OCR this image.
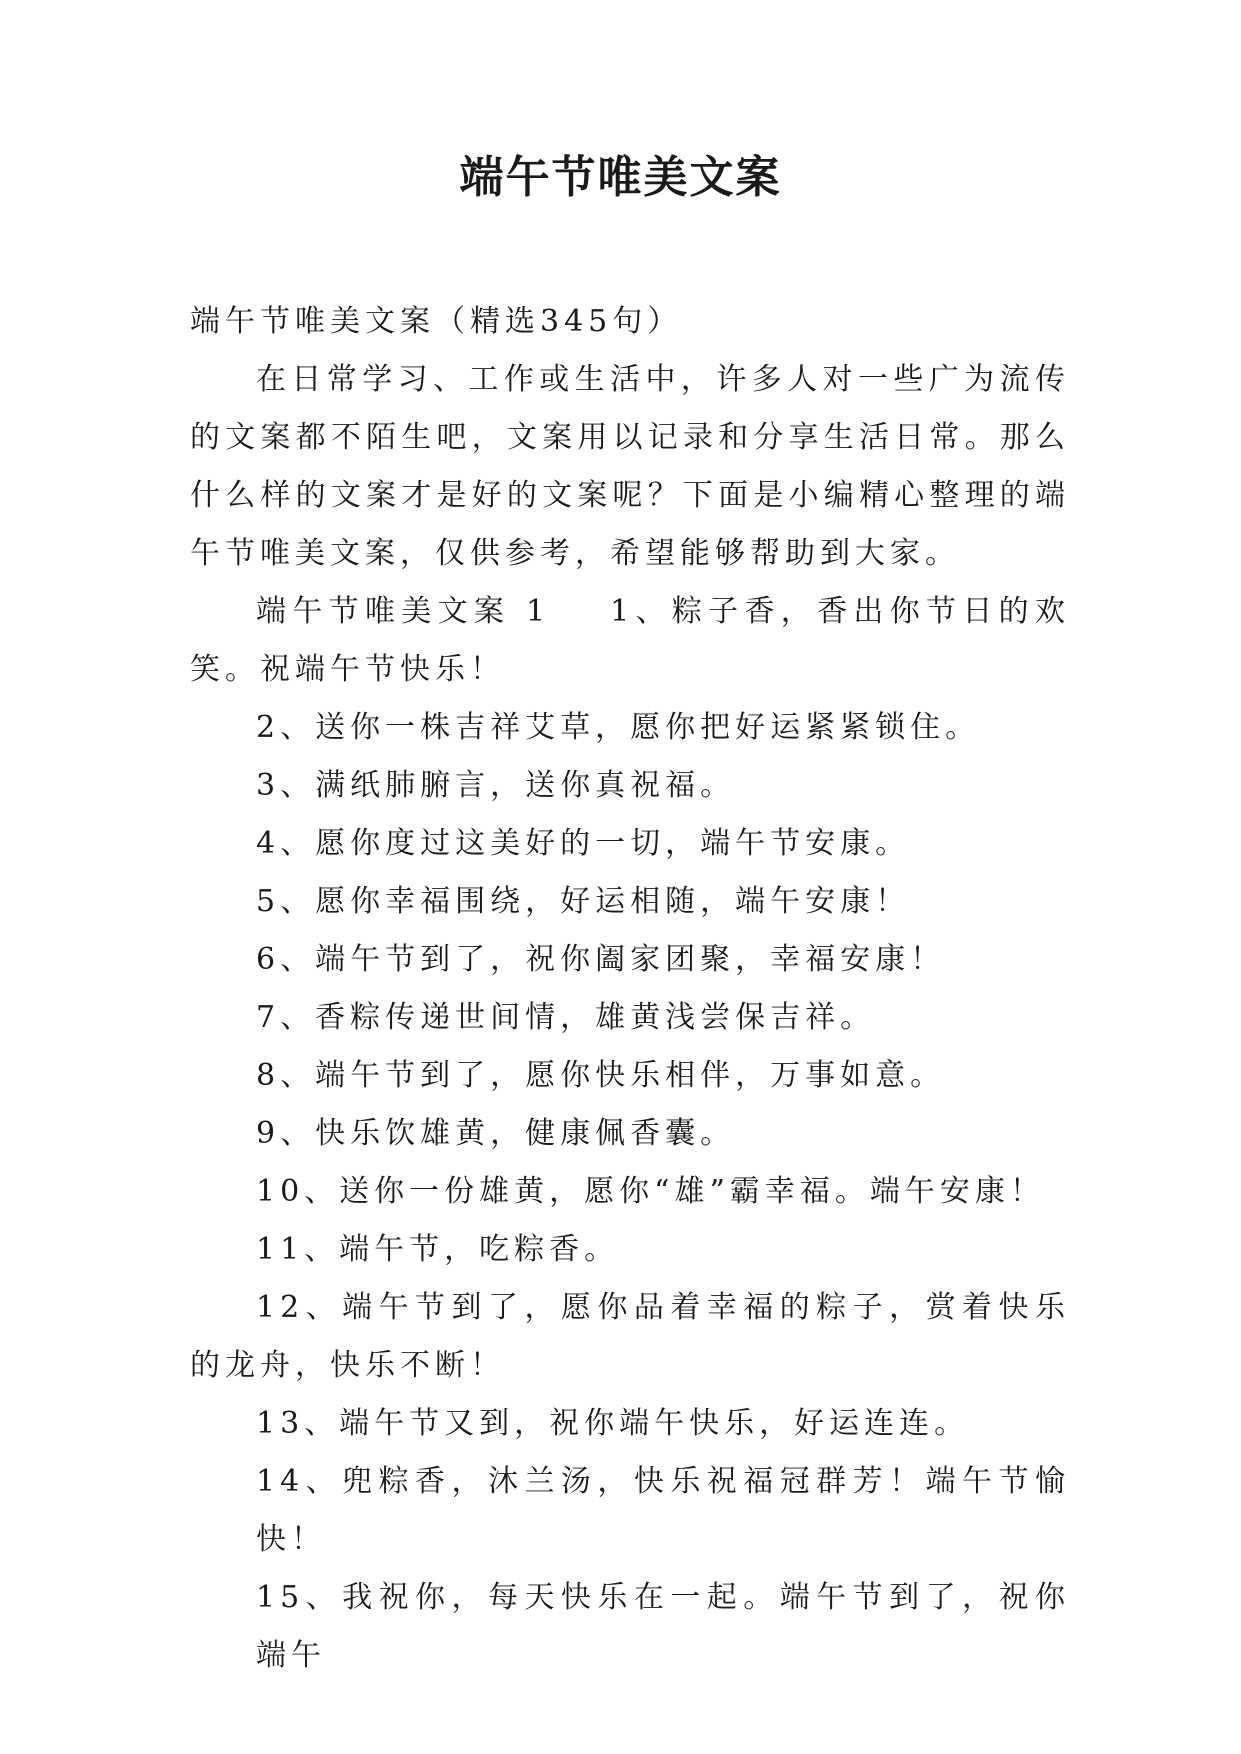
端午节唯美文案

端午节唯美文案（精选345句）

在日常学习、工作或生活中，许多人对一些广为流传的文案都不陌生吧，文案用以记录和分享生活日常。那么什么样的文案才是好的文案呢？下面是小编精心整理的端午节唯美文案，仅供参考，希望能够帮助到大家。

端午节唯美文案 1 1、粽子香，香出你节日的欢笑。祝端午节快乐！

2、送你一株吉祥艾草，愿你把好运紧紧锁住。

3、满纸肺腑言，送你真祝福。

4、愿你度过这美好的一切，端午节安康。

5、愿你幸福围绕，好运相随，端午安康！

6、端午节到了，祝你阖家团聚，幸福安康！

7、香粽传递世间情，雄黄浅尝保吉祥。

8、端午节到了，愿你快乐相伴，万事如意。

9、快乐饮雄黄，健康佩香囊。

10、送你一份雄黄，愿你“雄”霸幸福。端午安康！

11、端午节，吃粽香。

12、端午节到了，愿你品着幸福的粽子，赏着快乐的龙舟，快乐不断！

13、端午节又到，祝你端午快乐，好运连连。

14、兜粽香，沐兰汤，快乐祝福冠群芳！端午节愉快！

15、我祝你，每天快乐在一起。端午节到了，祝你端午
